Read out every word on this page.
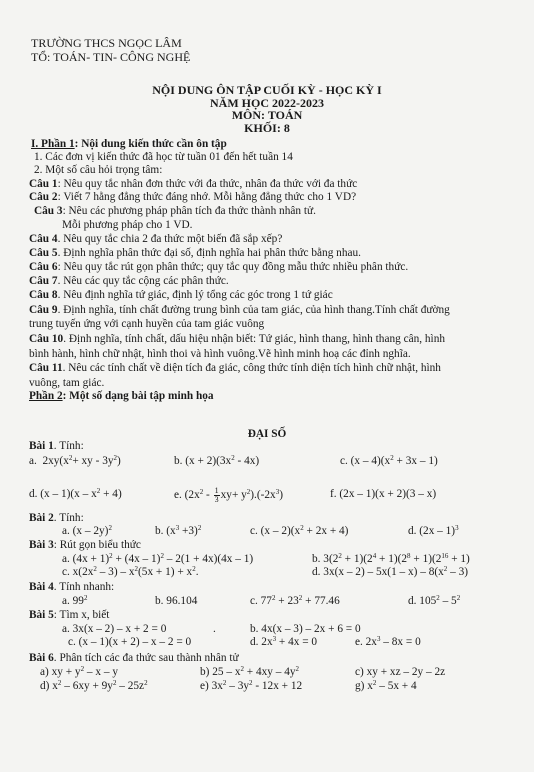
TRƯỜNG THCS NGỌC LÂM
TỔ: TOÁN- TIN- CÔNG NGHỆ
NỘI DUNG ÔN TẬP CUỐI KỲ - HỌC KỲ I
NĂM HỌC 2022-2023
MÔN: TOÁN
KHỐI: 8
I. Phần 1: Nội dung kiến thức cần ôn tập
1. Các đơn vị kiến thức đã học từ tuần 01 đến hết tuần 14
2. Một số câu hỏi trọng tâm:
Câu 1: Nêu quy tắc nhân đơn thức với đa thức, nhân đa thức với đa thức
Câu 2: Viết 7 hằng đẳng thức đáng nhớ. Mỗi hằng đẳng thức cho 1 VD?
Câu 3: Nêu các phương pháp phân tích đa thức thành nhân tử.
Mỗi phương pháp cho 1 VD.
Câu 4. Nêu quy tắc chia 2 đa thức một biến đã sắp xếp?
Câu 5. Định nghĩa phân thức đại số, định nghĩa hai phân thức bằng nhau.
Câu 6: Nêu quy tắc rút gọn phân thức; quy tắc quy đồng mẫu thức nhiều phân thức.
Câu 7. Nêu các quy tắc cộng các phân thức.
Câu 8. Nêu định nghĩa tứ giác, định lý tổng các góc trong 1 tứ giác
Câu 9. Định nghĩa, tính chất đường trung bình của tam giác, của hình thang.Tính chất đường
trung tuyến ứng với cạnh huyền của tam giác vuông
Câu 10. Định nghĩa, tính chất, dấu hiệu nhận biết: Tứ giác, hình thang, hình thang cân, hình
bình hành, hình chữ nhật, hình thoi và hình vuông.Vẽ hình minh hoạ các đỉnh nghĩa.
Câu 11. Nêu các tính chất về diện tích đa giác, công thức tính diện tích hình chữ nhật, hình
vuông, tam giác.
Phần 2: Một số dạng bài tập minh họa
ĐẠI SỐ
Bài 1. Tính:
a.  $2xy(x^2+$ xy - $3y^2$)	b. $(x + 2)(3x^2 - 4x)$	c. $(x - 4)(x^2 + 3x - 1)$
d. $(x - 1)(x - x^2 + 4)$	e. $(2x^2 - \frac{1}{3} xy+ y^2).(-2x^3)$	f. (2x – 1)(x + 2)(3 – x)
Bài 2. Tính:
a. (x – 2y)$^2$	b. $(x^3 +3)^2$	c. $(x - 2)(x^2 + 2x + 4)$	d. (2x – 1)$^3$
Bài 3: Rút gọn biểu thức
a. $(4x + 1)^2 + (4x - 1)^2 - 2(1 + 4x)(4x - 1)$	b. $3(2^2 + 1)(2^4 + 1)(2^8 + 1)(2^{16} + 1)$
c. $x(2x^2 - 3) - x^2(5x + 1) + x^2$.	d. $3x(x - 2) - 5x(1 - x) - 8(x^2 - 3)$
Bài 4. Tính nhanh:
a. $99^2$	b. 96.104	c. $77^2 + 23^2 + 77.46$	d. $105^2 - 5^2$
Bài 5: Tìm x, biết
a. 3x(x – 2) – x + 2 = 0	.	b. 4x(x – 3) – 2x + 6 = 0
c. (x – 1)(x + 2) – x – 2 = 0	d. $2x^3 + 4x = 0$	e. $2x^3 - 8x = 0$
Bài 6. Phân tích các đa thức sau thành nhân tử
a) xy + $y^2$ – x – y	b) $25 - x^2 + 4xy - 4y^2$	c) xy + xz – 2y – 2z
d) $x^2 - 6xy + 9y^2 - 25z^2$	e) $3x^2 - 3y^2 - 12x + 12$	g) $x^2 - 5x + 4$
